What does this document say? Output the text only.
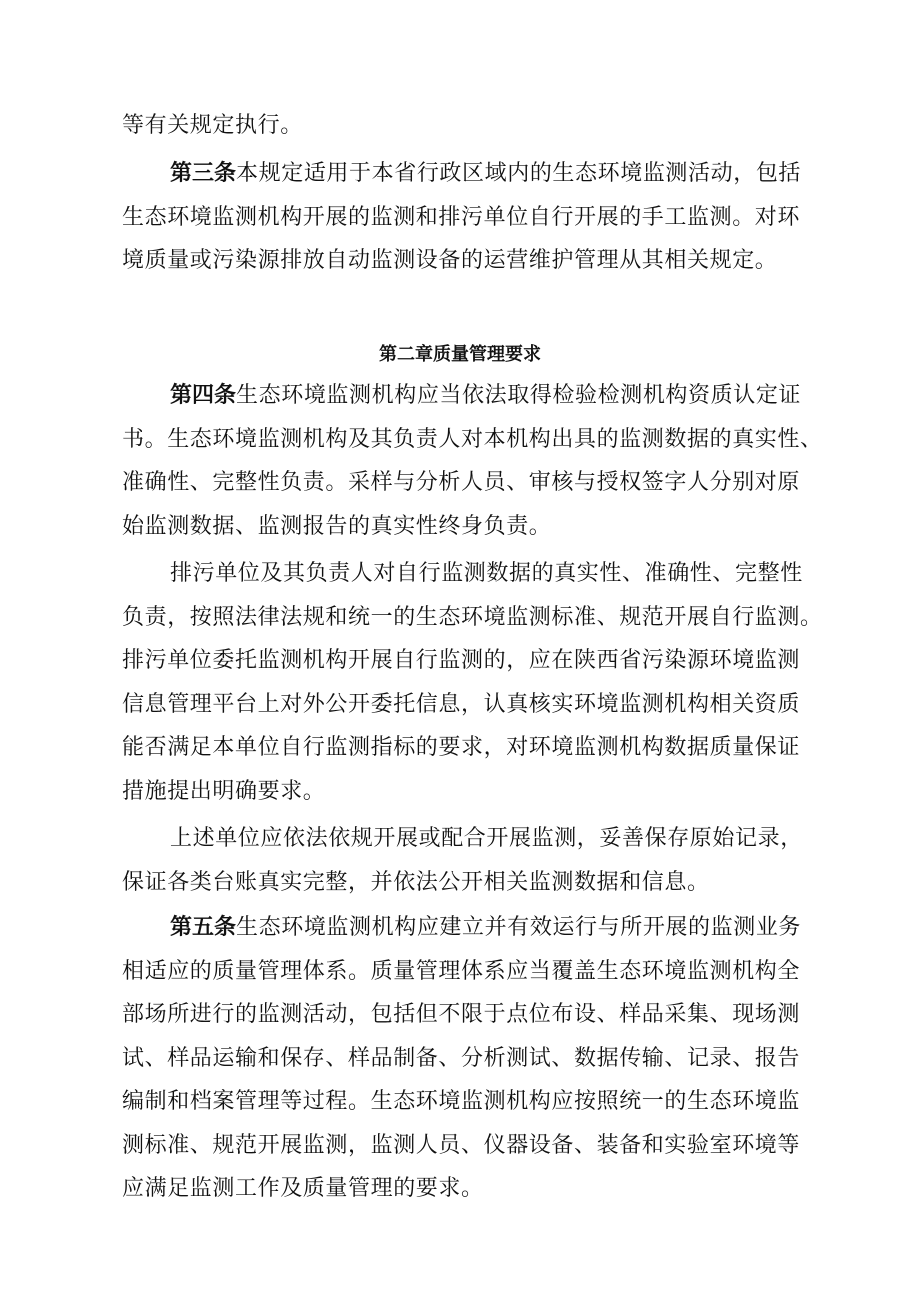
等有关规定执行。
第三条本规定适用于本省行政区域内的生态环境监测活动，包括
生态环境监测机构开展的监测和排污单位自行开展的手工监测。对环
境质量或污染源排放自动监测设备的运营维护管理从其相关规定。
第二章质量管理要求
第四条生态环境监测机构应当依法取得检验检测机构资质认定证
书。生态环境监测机构及其负责人对本机构出具的监测数据的真实性、
准确性、完整性负责。采样与分析人员、审核与授权签字人分别对原
始监测数据、监测报告的真实性终身负责。
排污单位及其负责人对自行监测数据的真实性、准确性、完整性
负责，按照法律法规和统一的生态环境监测标准、规范开展自行监测。
排污单位委托监测机构开展自行监测的，应在陕西省污染源环境监测
信息管理平台上对外公开委托信息，认真核实环境监测机构相关资质
能否满足本单位自行监测指标的要求，对环境监测机构数据质量保证
措施提出明确要求。
上述单位应依法依规开展或配合开展监测，妥善保存原始记录，
保证各类台账真实完整，并依法公开相关监测数据和信息。
第五条生态环境监测机构应建立并有效运行与所开展的监测业务
相适应的质量管理体系。质量管理体系应当覆盖生态环境监测机构全
部场所进行的监测活动，包括但不限于点位布设、样品采集、现场测
试、样品运输和保存、样品制备、分析测试、数据传输、记录、报告
编制和档案管理等过程。生态环境监测机构应按照统一的生态环境监
测标准、规范开展监测，监测人员、仪器设备、装备和实验室环境等
应满足监测工作及质量管理的要求。
